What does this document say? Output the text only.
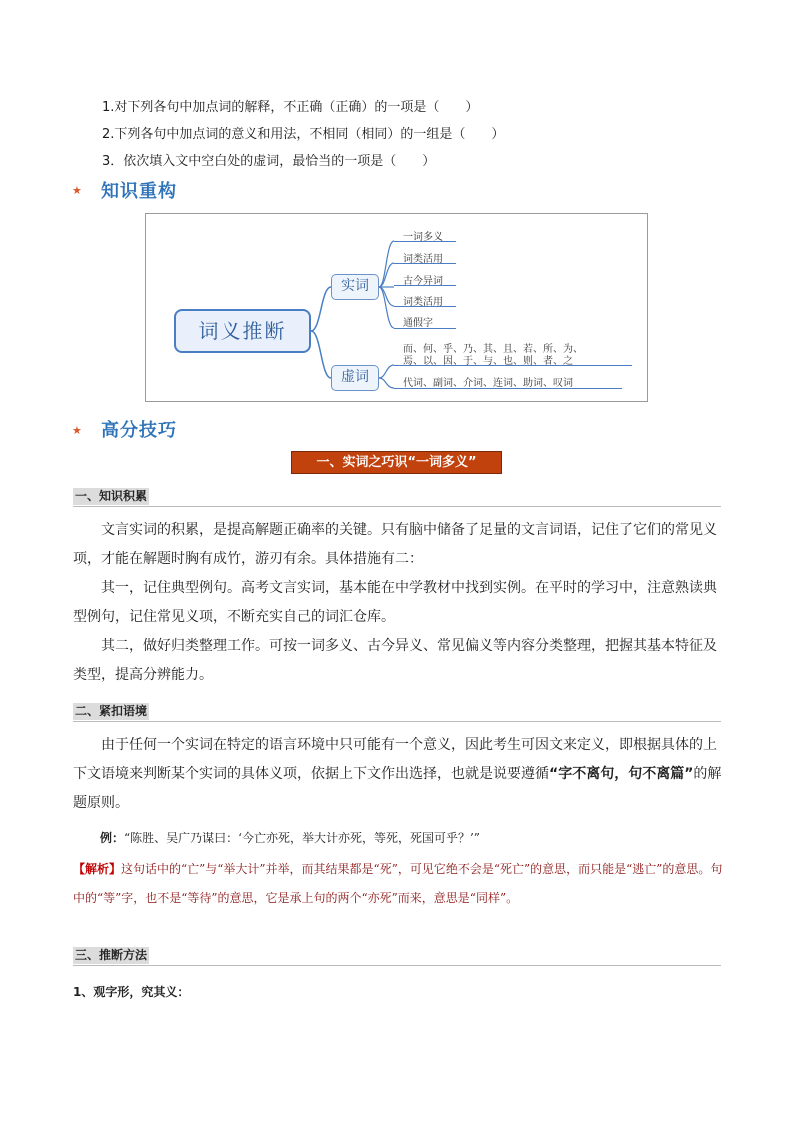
1.对下列各句中加点词的解释，不正确（正确）的一项是（　　）
2.下列各句中加点词的意义和用法，不相同（相同）的一组是（　　）
3．依次填入文中空白处的虚词，最恰当的一项是（　　）
★ 知识重构
词义推断
实词
虚词
一词多义
词类活用
古今异词
词类活用
通假字
而、何、乎、乃、其、且、若、所、为、
焉、以、因、于、与、也、则、者、之
代词、副词、介词、连词、助词、叹词
★ 高分技巧
一、实词之巧识“一词多义”
一、知识积累

文言实词的积累，是提高解题正确率的关键。只有脑中储备了足量的文言词语，记住了它们的常见义项，才能在解题时胸有成竹，游刃有余。具体措施有二：

其一，记住典型例句。高考文言实词，基本能在中学教材中找到实例。在平时的学习中，注意熟读典型例句，记住常见义项，不断充实自己的词汇仓库。

其二，做好归类整理工作。可按一词多义、古今异义、常见偏义等内容分类整理，把握其基本特征及类型，提高分辨能力。

二、紧扣语境

由于任何一个实词在特定的语言环境中只可能有一个意义，因此考生可因文来定义，即根据具体的上下文语境来判断某个实词的具体义项，依据上下文作出选择，也就是说要遵循“字不离句，句不离篇”的解题原则。

例：“陈胜、吴广乃谋曰：‘今亡亦死，举大计亦死，等死，死国可乎？’”
【解析】这句话中的“亡”与“举大计”并举，而其结果都是“死”，可见它绝不会是“死亡”的意思，而只能是“逃亡”的意思。句中的“等”字，也不是“等待”的意思，它是承上句的两个“亦死”而来，意思是“同样”。
三、推断方法
1、观字形，究其义：
